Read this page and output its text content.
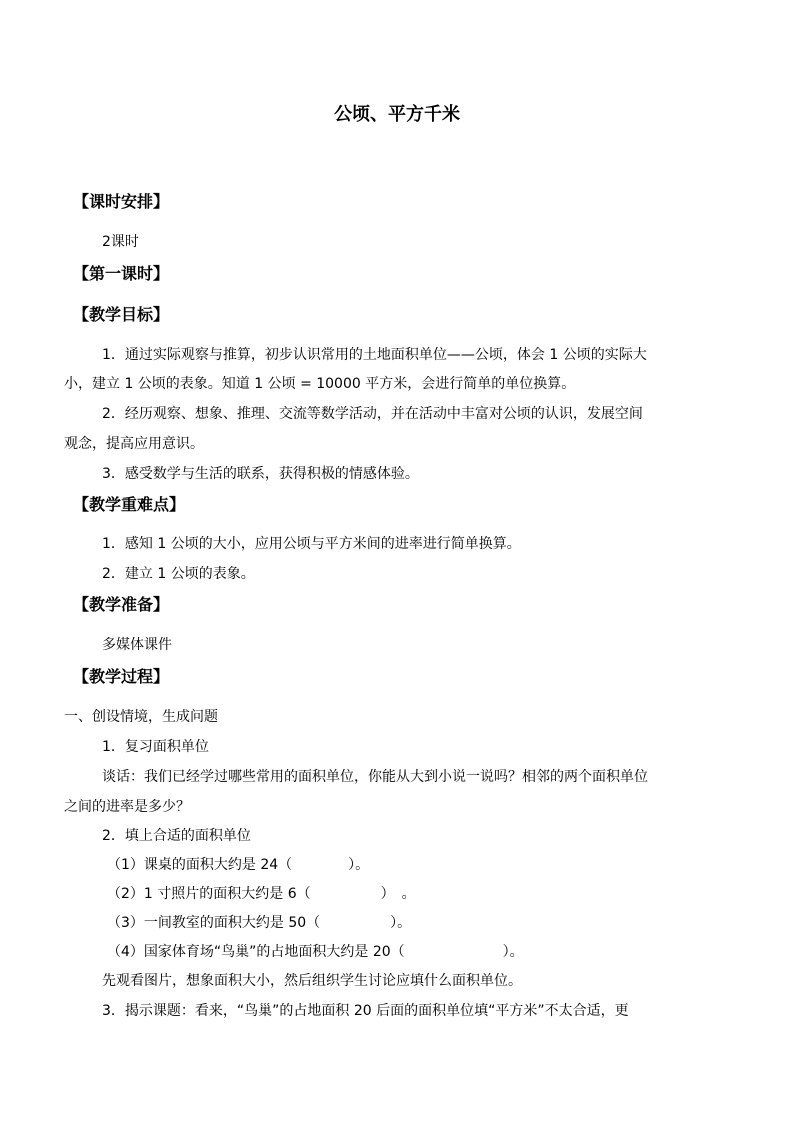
公顷、平方千米
【课时安排】
2课时
【第一课时】
【教学目标】
1．通过实际观察与推算，初步认识常用的土地面积单位——公顷，体会 1 公顷的实际大
小，建立 1 公顷的表象。知道 1 公顷 = 10000 平方米，会进行简单的单位换算。
2．经历观察、想象、推理、交流等数学活动，并在活动中丰富对公顷的认识，发展空间
观念，提高应用意识。
3．感受数学与生活的联系，获得积极的情感体验。
【教学重难点】
1．感知 1 公顷的大小，应用公顷与平方米间的进率进行简单换算。
2．建立 1 公顷的表象。
【教学准备】
多媒体课件
【教学过程】
一、创设情境，生成问题
1．复习面积单位
谈话：我们已经学过哪些常用的面积单位，你能从大到小说一说吗？相邻的两个面积单位
之间的进率是多少？
2．填上合适的面积单位
（1）课桌的面积大约是 24（　　　　）。
（2）1 寸照片的面积大约是 6（　　　　　）　。
（3）一间教室的面积大约是 50（　　　　　）。
（4）国家体育场“鸟巢”的占地面积大约是 20（　　　　　　　）。
先观看图片，想象面积大小，然后组织学生讨论应填什么面积单位。
3．揭示课题：看来，“鸟巢”的占地面积 20 后面的面积单位填“平方米”不太合适，更
